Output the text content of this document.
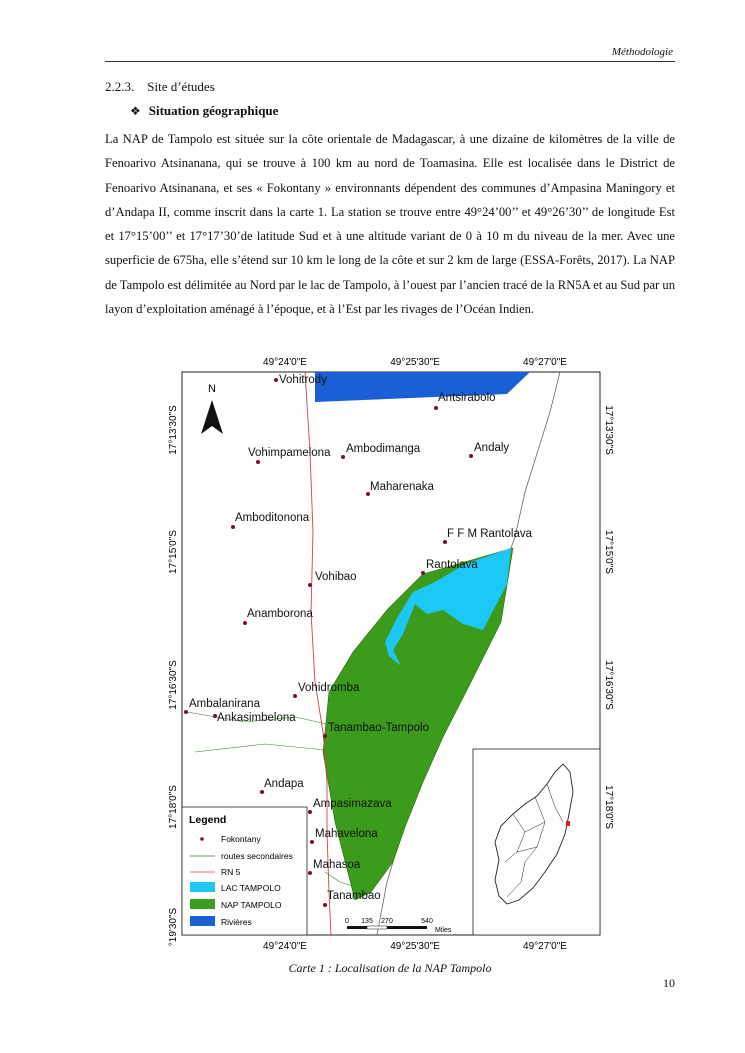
Méthodologie
2.2.3.    Site d’études
❖ Situation géographique
La NAP de Tampolo est située sur la côte orientale de Madagascar, à une dizaine de kilomètres de la ville de Fenoarivo Atsinanana, qui se trouve à 100 km au nord de Toamasina. Elle est localisée dans le District de Fenoarivo Atsinanana, et ses « Fokontany » environnants dépendent des communes d’Ampasina Maningory et d’Andapa II, comme inscrit dans la carte 1. La station se trouve entre 49°24’00’’ et 49°26’30’’ de longitude Est et 17°15’00’’ et 17°17’30’de latitude Sud et à une altitude variant de 0 à 10 m du niveau de la mer. Avec une superficie de 675ha, elle s’étend sur 10 km le long de la côte et sur 2 km de large (ESSA-Forêts, 2017). La NAP de Tampolo est délimitée au Nord par le lac de Tampolo, à l’ouest par l’ancien tracé de la RN5A et au Sud par un layon d’exploitation aménagé à l’époque, et à l’Est par les rivages de l’Océan Indien.
49°24'0"E	49°25'30"E	49°27'0"E
49°24'0"E	49°25'30"E	49°27'0"E
17°13'30"S
17°15'0"S
17°16'30"S
17°18'0"S
°19'30"S
17°13'30"S
17°15'0"S
17°16'30"S
17°18'0"S
N
Vohitrody
Antsirabolo
Vohimpamelona Ambodimanga	Andaly
Maharenaka
Amboditonona
F F M Rantolava
Rantolava
Vohibao
Anamborona
Vohidromba
Ambalanirana
Ankasimbelona
Tanambao-Tampolo
Andapa
Ampasimazava
Mahavelona
Mahasoa
Tanambao
Legend
Fokontany
routes secondaires
RN 5
LAC TAMPOLO
NAP TAMPOLO
Rivières	0 135 270	540
Miles
Carte 1 : Localisation de la NAP Tampolo
10
